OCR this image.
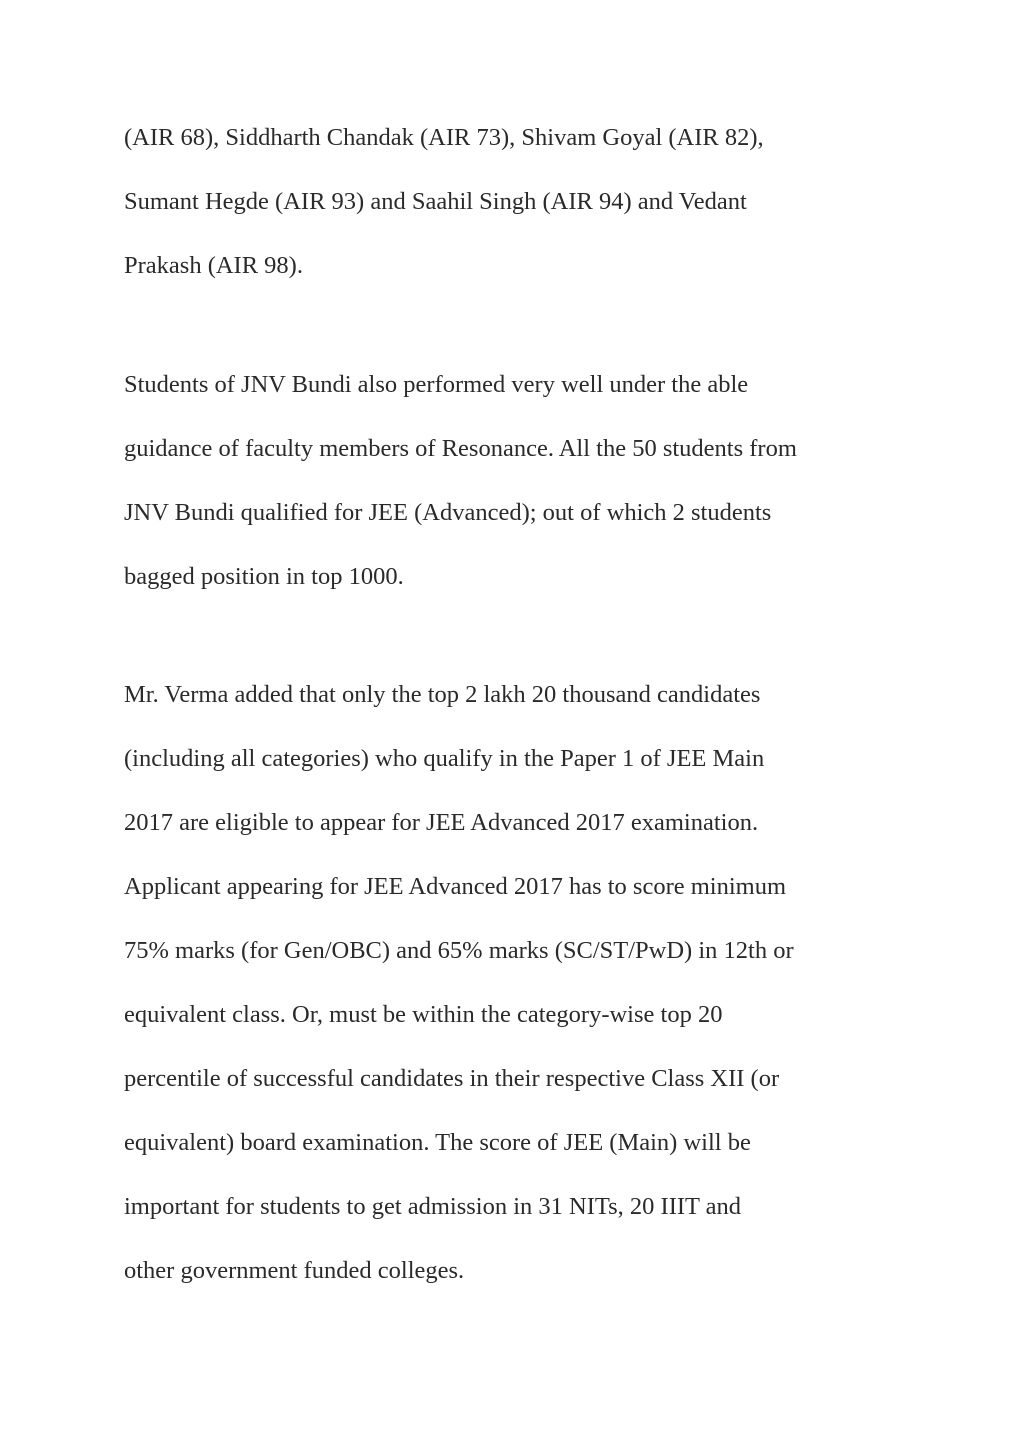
(AIR 68), Siddharth Chandak (AIR 73), Shivam Goyal (AIR 82),
Sumant Hegde (AIR 93) and Saahil Singh (AIR 94) and Vedant
Prakash (AIR 98).
Students of JNV Bundi also performed very well under the able
guidance of faculty members of Resonance. All the 50 students from
JNV Bundi qualified for JEE (Advanced); out of which 2 students
bagged position in top 1000.
Mr. Verma added that only the top 2 lakh 20 thousand candidates
(including all categories) who qualify in the Paper 1 of JEE Main
2017 are eligible to appear for JEE Advanced 2017 examination.
Applicant appearing for JEE Advanced 2017 has to score minimum
75% marks (for Gen/OBC) and 65% marks (SC/ST/PwD) in 12th or
equivalent class. Or, must be within the category-wise top 20
percentile of successful candidates in their respective Class XII (or
equivalent) board examination. The score of JEE (Main) will be
important for students to get admission in 31 NITs, 20 IIIT and
other government funded colleges.
